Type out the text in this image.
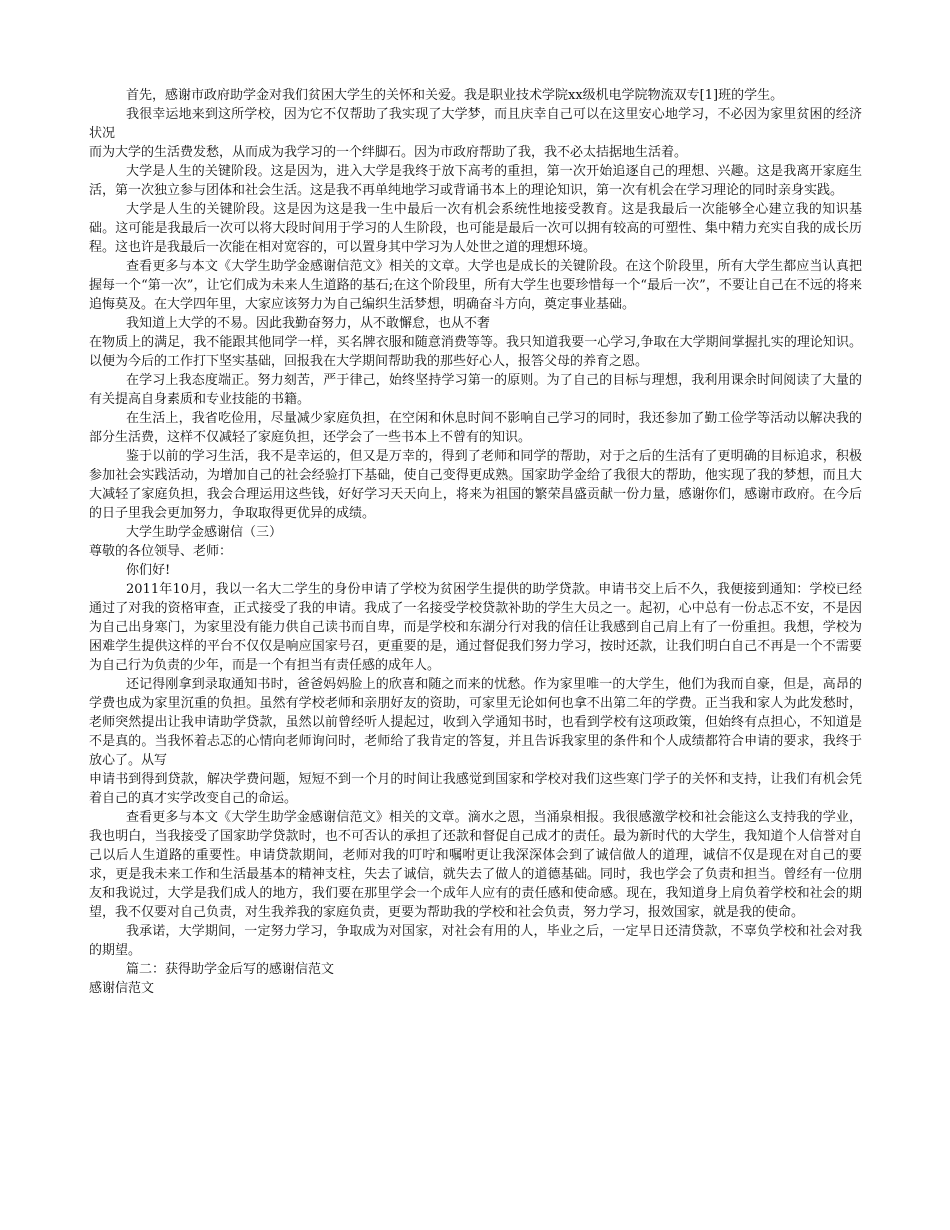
首先，感谢市政府助学金对我们贫困大学生的关怀和关爱。我是职业技术学院xx级机电学院物流双专[1]班的学生。

我很幸运地来到这所学校，因为它不仅帮助了我实现了大学梦，而且庆幸自己可以在这里安心地学习，不必因为家里贫困的经济状况

而为大学的生活费发愁，从而成为我学习的一个绊脚石。因为市政府帮助了我，我不必太拮据地生活着。

大学是人生的关键阶段。这是因为，进入大学是我终于放下高考的重担，第一次开始追逐自己的理想、兴趣。这是我离开家庭生活，第一次独立参与团体和社会生活。这是我不再单纯地学习或背诵书本上的理论知识，第一次有机会在学习理论的同时亲身实践。

大学是人生的关键阶段。这是因为这是我一生中最后一次有机会系统性地接受教育。这是我最后一次能够全心建立我的知识基础。这可能是我最后一次可以将大段时间用于学习的人生阶段，也可能是最后一次可以拥有较高的可塑性、集中精力充实自我的成长历程。这也许是我最后一次能在相对宽容的，可以置身其中学习为人处世之道的理想环境。

查看更多与本文《大学生助学金感谢信范文》相关的文章。大学也是成长的关键阶段。在这个阶段里，所有大学生都应当认真把握每一个“第一次”，让它们成为未来人生道路的基石;在这个阶段里，所有大学生也要珍惜每一个“最后一次”，不要让自己在不远的将来追悔莫及。在大学四年里，大家应该努力为自己编织生活梦想，明确奋斗方向，奠定事业基础。

我知道上大学的不易。因此我勤奋努力，从不敢懈怠，也从不奢

在物质上的满足，我不能跟其他同学一样，买名牌衣服和随意消费等等。我只知道我要一心学习,争取在大学期间掌握扎实的理论知识。以便为今后的工作打下坚实基础，回报我在大学期间帮助我的那些好心人，报答父母的养育之恩。

在学习上我态度端正。努力刻苦，严于律己，始终坚持学习第一的原则。为了自己的目标与理想，我利用课余时间阅读了大量的有关提高自身素质和专业技能的书籍。

在生活上，我省吃俭用，尽量减少家庭负担，在空闲和休息时间不影响自己学习的同时，我还参加了勤工俭学等活动以解决我的部分生活费，这样不仅减轻了家庭负担，还学会了一些书本上不曾有的知识。

鉴于以前的学习生活，我不是幸运的，但又是万幸的，得到了老师和同学的帮助，对于之后的生活有了更明确的目标追求，积极参加社会实践活动，为增加自己的社会经验打下基础，使自己变得更成熟。国家助学金给了我很大的帮助，他实现了我的梦想，而且大大减轻了家庭负担，我会合理运用这些钱，好好学习天天向上，将来为祖国的繁荣昌盛贡献一份力量，感谢你们，感谢市政府。在今后的日子里我会更加努力，争取取得更优异的成绩。

大学生助学金感谢信（三）

尊敬的各位领导、老师：

你们好!

2011年10月，我以一名大二学生的身份申请了学校为贫困学生提供的助学贷款。申请书交上后不久，我便接到通知：学校已经通过了对我的资格审查，正式接受了我的申请。我成了一名接受学校贷款补助的学生大员之一。起初，心中总有一份忐忑不安，不是因为自己出身寒门，为家里没有能力供自己读书而自卑，而是学校和东湖分行对我的信任让我感到自己肩上有了一份重担。我想，学校为困难学生提供这样的平台不仅仅是响应国家号召，更重要的是，通过督促我们努力学习，按时还款，让我们明白自己不再是一个不需要为自己行为负责的少年，而是一个有担当有责任感的成年人。

还记得刚拿到录取通知书时，爸爸妈妈脸上的欣喜和随之而来的忧愁。作为家里唯一的大学生，他们为我而自豪，但是，高昂的学费也成为家里沉重的负担。虽然有学校老师和亲朋好友的资助，可家里无论如何也拿不出第二年的学费。正当我和家人为此发愁时，老师突然提出让我申请助学贷款，虽然以前曾经听人提起过，收到入学通知书时，也看到学校有这项政策，但始终有点担心，不知道是不是真的。当我怀着忐忑的心情向老师询问时，老师给了我肯定的答复，并且告诉我家里的条件和个人成绩都符合申请的要求，我终于放心了。从写

申请书到得到贷款，解决学费问题，短短不到一个月的时间让我感觉到国家和学校对我们这些寒门学子的关怀和支持，让我们有机会凭着自己的真才实学改变自己的命运。

查看更多与本文《大学生助学金感谢信范文》相关的文章。滴水之恩，当涌泉相报。我很感激学校和社会能这么支持我的学业，我也明白，当我接受了国家助学贷款时，也不可否认的承担了还款和督促自己成才的责任。最为新时代的大学生，我知道个人信誉对自己以后人生道路的重要性。申请贷款期间，老师对我的叮咛和嘱咐更让我深深体会到了诚信做人的道理，诚信不仅是现在对自己的要求，更是我未来工作和生活最基本的精神支柱，失去了诚信，就失去了做人的道德基础。同时，我也学会了负责和担当。曾经有一位朋友和我说过，大学是我们成人的地方，我们要在那里学会一个成年人应有的责任感和使命感。现在，我知道身上肩负着学校和社会的期望，我不仅要对自己负责，对生我养我的家庭负责，更要为帮助我的学校和社会负责，努力学习，报效国家，就是我的使命。

我承诺，大学期间，一定努力学习，争取成为对国家，对社会有用的人，毕业之后，一定早日还清贷款，不辜负学校和社会对我的期望。

篇二：获得助学金后写的感谢信范文

感谢信范文
